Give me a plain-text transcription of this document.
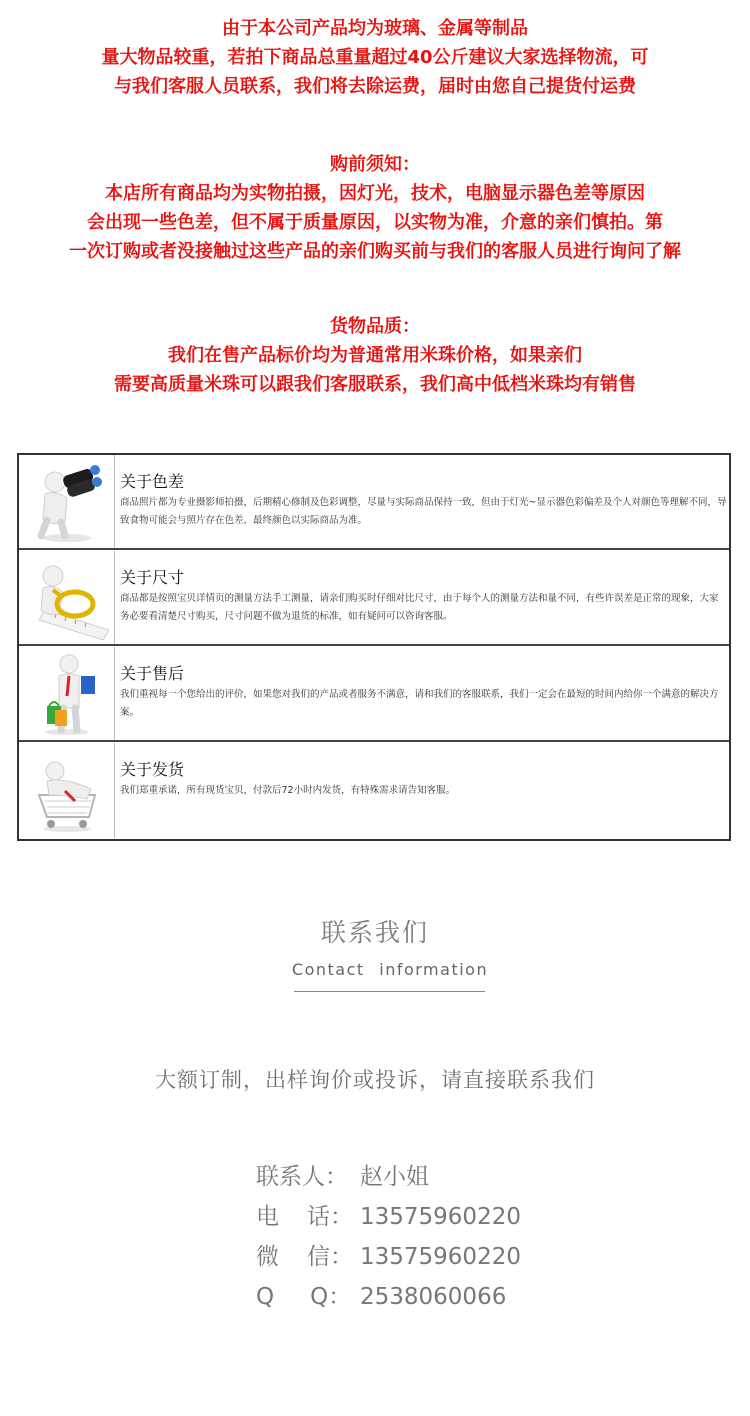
由于本公司产品均为玻璃、金属等制品

量大物品较重，若拍下商品总重量超过40公斤建议大家选择物流，可

与我们客服人员联系，我们将去除运费，届时由您自己提货付运费

购前须知：

本店所有商品均为实物拍摄，因灯光，技术，电脑显示器色差等原因

会出现一些色差，但不属于质量原因，以实物为准，介意的亲们慎拍。第

一次订购或者没接触过这些产品的亲们购买前与我们的客服人员进行询问了解

货物品质：

我们在售产品标价均为普通常用米珠价格，如果亲们

需要高质量米珠可以跟我们客服联系，我们高中低档米珠均有销售

关于色差
商品照片都为专业摄影师拍摄，后期精心修制及色彩调整，尽量与实际商品保持一致，但由于灯光~显示器色彩偏差及个人对颜色等理解不同，导致食物可能会与照片存在色差，最终颜色以实际商品为准。
关于尺寸
商品都是按照宝贝详情页的测量方法手工测量，请亲们购买时仔细对比尺寸，由于每个人的测量方法和量不同，有些许误差是正常的现象，大家务必要看清楚尺寸购买，尺寸问题不做为退货的标准，如有疑问可以咨询客服。
关于售后
我们重视每一个您给出的评价，如果您对我们的产品或者服务不满意，请和我们的客服联系，我们一定会在最短的时间内给你一个满意的解决方案。
关于发货
我们郑重承诺，所有现货宝贝，付款后72小时内发货，有特殊需求请告知客服。
联系我们
Contact information
大额订制，出样询价或投诉，请直接联系我们
联系人： 赵小姐
电 话： 13575960220
微 信： 13575960220
Q Q： 2538060066
